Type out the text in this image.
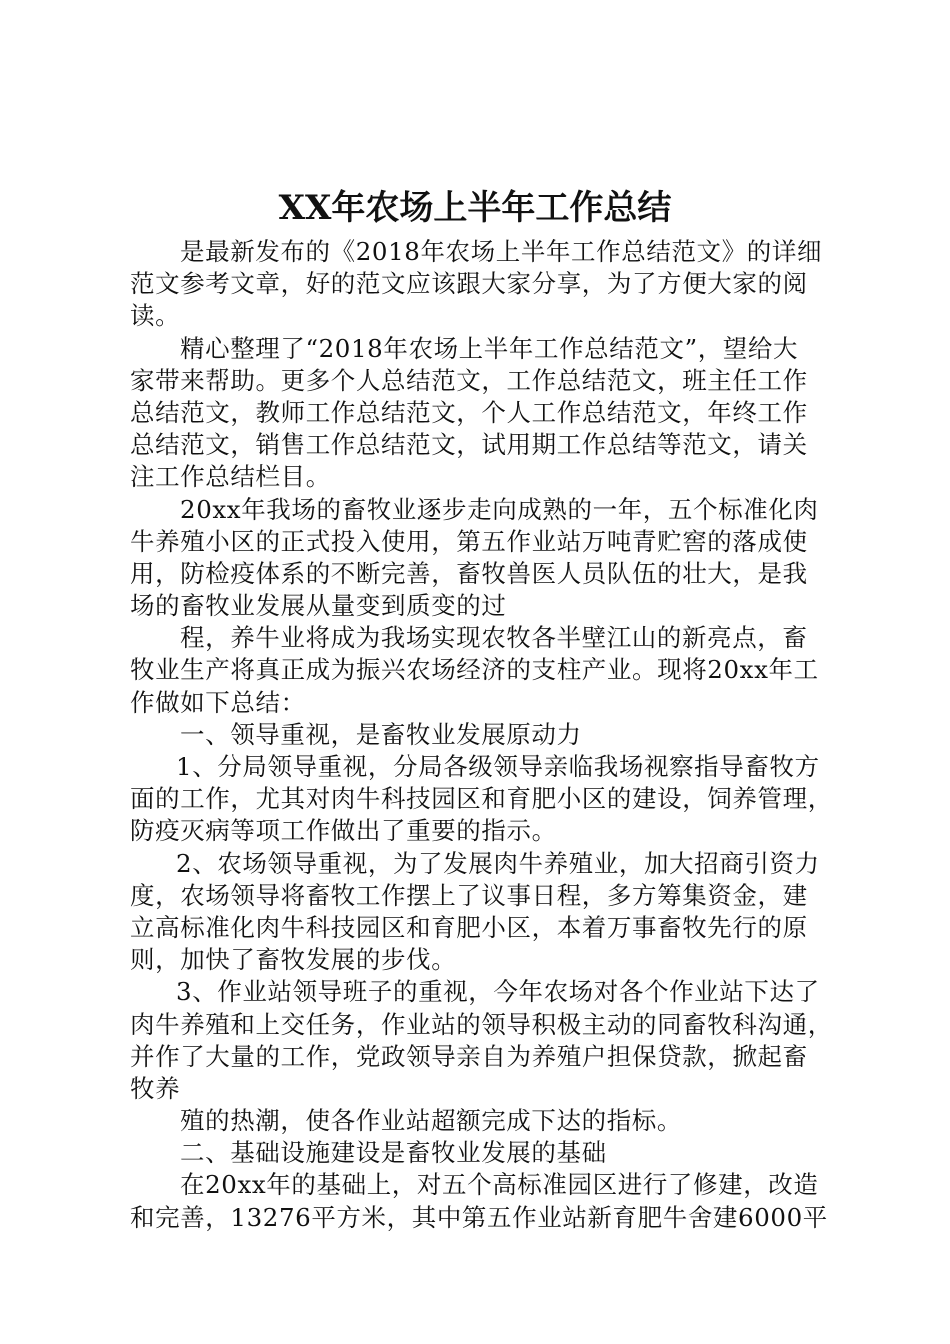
XX年农场上半年工作总结
是最新发布的《2018年农场上半年工作总结范文》的详细
范文参考文章，好的范文应该跟大家分享，为了方便大家的阅
读。
精心整理了“2018年农场上半年工作总结范文”，望给大
家带来帮助。更多个人总结范文，工作总结范文，班主任工作
总结范文，教师工作总结范文，个人工作总结范文，年终工作
总结范文，销售工作总结范文，试用期工作总结等范文，请关
注工作总结栏目。
20xx年我场的畜牧业逐步走向成熟的一年，五个标准化肉
牛养殖小区的正式投入使用，第五作业站万吨青贮窖的落成使
用，防检疫体系的不断完善，畜牧兽医人员队伍的壮大，是我
场的畜牧业发展从量变到质变的过
程，养牛业将成为我场实现农牧各半壁江山的新亮点，畜
牧业生产将真正成为振兴农场经济的支柱产业。现将20xx年工
作做如下总结：
一、领导重视，是畜牧业发展原动力
1、分局领导重视，分局各级领导亲临我场视察指导畜牧方
面的工作，尤其对肉牛科技园区和育肥小区的建设，饲养管理，
防疫灭病等项工作做出了重要的指示。
2、农场领导重视，为了发展肉牛养殖业，加大招商引资力
度，农场领导将畜牧工作摆上了议事日程，多方筹集资金，建
立高标准化肉牛科技园区和育肥小区，本着万事畜牧先行的原
则，加快了畜牧发展的步伐。
3、作业站领导班子的重视，今年农场对各个作业站下达了
肉牛养殖和上交任务，作业站的领导积极主动的同畜牧科沟通，
并作了大量的工作，党政领导亲自为养殖户担保贷款，掀起畜
牧养
殖的热潮，使各作业站超额完成下达的指标。
二、基础设施建设是畜牧业发展的基础
在20xx年的基础上，对五个高标准园区进行了修建，改造
和完善，13276平方米，其中第五作业站新育肥牛舍建6000平
